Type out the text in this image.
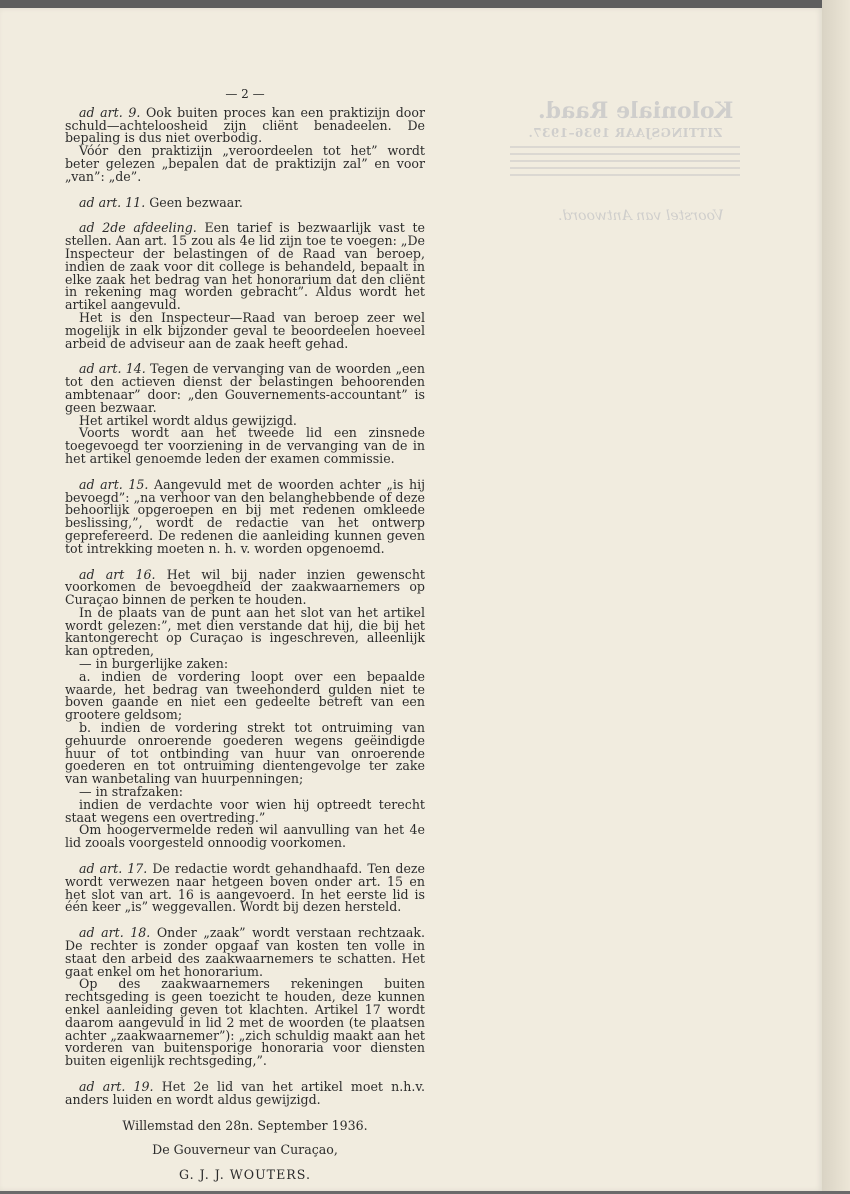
Koloniale Raad.
ZITTINGSJAAR 1936–1937.
Voorstel van Antwoord.
— 2 —

ad art. 9. Ook buiten proces kan een praktizijn door schuld—achteloosheid zijn cliënt benadeelen. De bepaling is dus niet overbodig.

Vóór den praktizijn „veroordeelen tot het” wordt beter gelezen „bepalen dat de praktizijn zal” en voor „van”: „de”.

ad art. 11. Geen bezwaar.

ad 2de afdeeling. Een tarief is bezwaarlijk vast te stellen. Aan art. 15 zou als 4e lid zijn toe te voegen: „De Inspecteur der belastingen of de Raad van beroep, indien de zaak voor dit college is behandeld, bepaalt in elke zaak het bedrag van het honorarium dat den cliënt in rekening mag worden gebracht”. Aldus wordt het artikel aangevuld.

Het is den Inspecteur—Raad van beroep zeer wel mogelijk in elk bijzonder geval te beoordeelen hoeveel arbeid de adviseur aan de zaak heeft gehad.

ad art. 14. Tegen de vervanging van de woorden „een tot den actieven dienst der belastingen behoorenden ambtenaar” door: „den Gouvernements-accountant” is geen bezwaar.

Het artikel wordt aldus gewijzigd.

Voorts wordt aan het tweede lid een zinsnede toegevoegd ter voorziening in de vervanging van de in het artikel genoemde leden der examen commissie.

ad art. 15. Aangevuld met de woorden achter „is hij bevoegd”: „na verhoor van den belanghebbende of deze behoorlijk opgeroepen en bij met redenen omkleede beslissing,”, wordt de redactie van het ontwerp geprefereerd. De redenen die aanleiding kunnen geven tot intrekking moeten n. h. v. worden opgenoemd.

ad art 16. Het wil bij nader inzien gewenscht voorkomen de bevoegdheid der zaakwaarnemers op Curaçao binnen de perken te houden.

In de plaats van de punt aan het slot van het artikel wordt gelezen:”, met dien verstande dat hij, die bij het kantongerecht op Curaçao is ingeschreven, alleenlijk kan optreden,

— in burgerlijke zaken:

a. indien de vordering loopt over een bepaalde waarde, het bedrag van tweehonderd gulden niet te boven gaande en niet een gedeelte betreft van een grootere geldsom;

b. indien de vordering strekt tot ontruiming van gehuurde onroerende goederen wegens geëindigde huur of tot ontbinding van huur van onroerende goederen en tot ontruiming dientengevolge ter zake van wanbetaling van huurpenningen;

— in strafzaken:

indien de verdachte voor wien hij optreedt terecht staat wegens een overtreding.”

Om hoogervermelde reden wil aanvulling van het 4e lid zooals voorgesteld onnoodig voorkomen.

ad art. 17. De redactie wordt gehandhaafd. Ten deze wordt verwezen naar hetgeen boven onder art. 15 en het slot van art. 16 is aangevoerd. In het eerste lid is één keer „is” weggevallen. Wordt bij dezen hersteld.

ad art. 18. Onder „zaak” wordt verstaan rechtzaak. De rechter is zonder opgaaf van kosten ten volle in staat den arbeid des zaakwaarnemers te schatten. Het gaat enkel om het honorarium.

Op des zaakwaarnemers rekeningen buiten rechtsgeding is geen toezicht te houden, deze kunnen enkel aanleiding geven tot klachten. Artikel 17 wordt daarom aangevuld in lid 2 met de woorden (te plaatsen achter „zaakwaarnemer”): „zich schuldig maakt aan het vorderen van buitensporige honoraria voor diensten buiten eigenlijk rechtsgeding,”.

ad art. 19. Het 2e lid van het artikel moet n.h.v. anders luiden en wordt aldus gewijzigd.

Willemstad den 28n. September 1936.
De Gouverneur van Curaçao,
G. J. J. WOUTERS.
